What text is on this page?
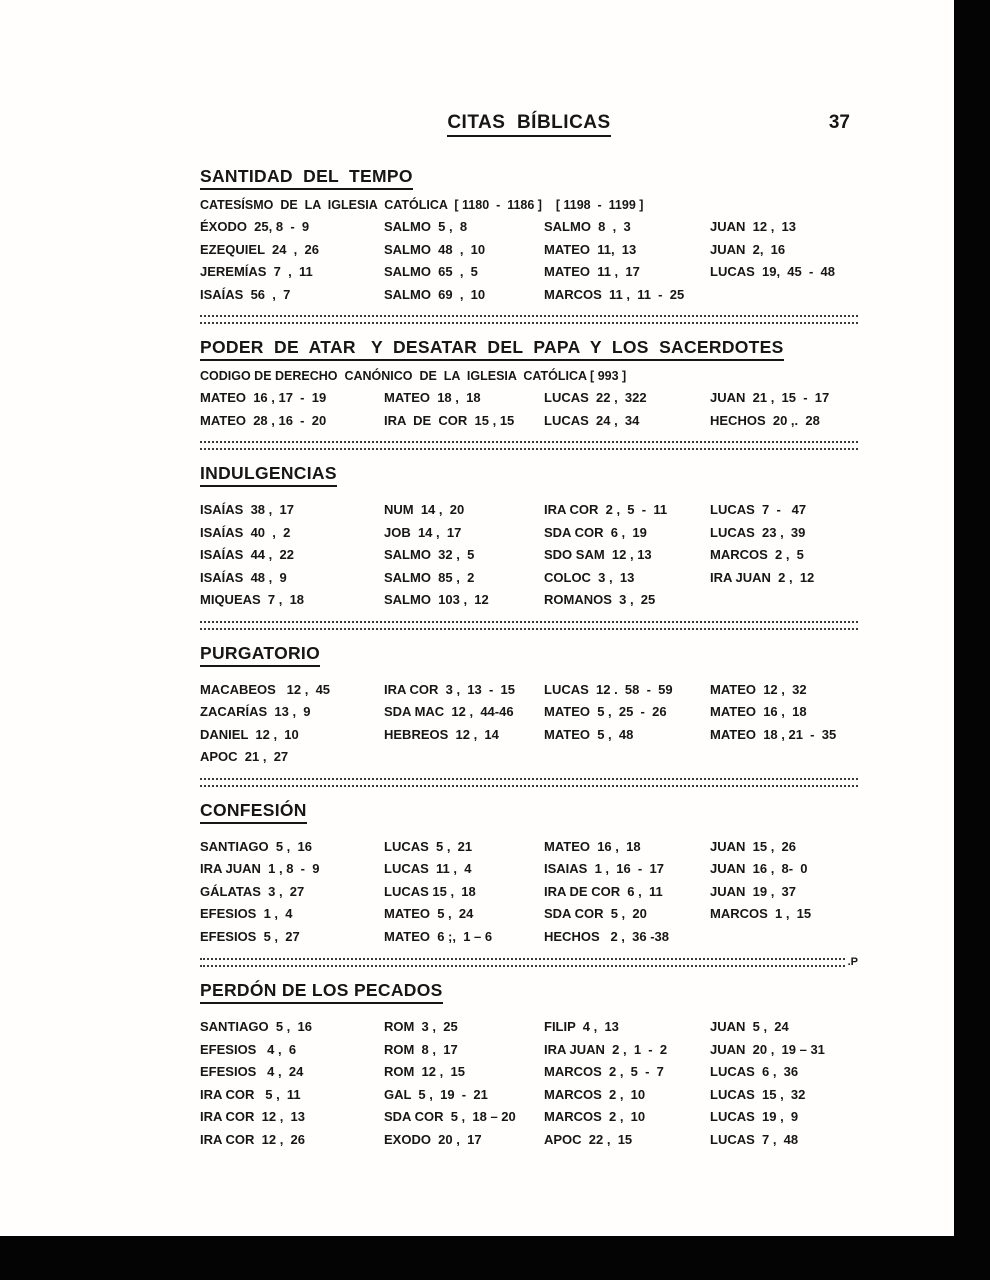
CITAS  BÍBLICAS	37
SANTIDAD  DEL  TEMPO
CATESÍSMO  DE  LA  IGLESIA  CATÓLICA  [ 1180  -  1186 ]    [ 1198  -  1199 ]
ÉXODO  25, 8  -  9	SALMO  5 ,  8	SALMO  8  ,  3	JUAN  12 ,  13
EZEQUIEL  24  ,  26	SALMO  48  ,  10	MATEO  11,  13	JUAN  2,  16
JEREMÍAS  7  ,  11	SALMO  65  ,  5	MATEO  11 ,  17	LUCAS  19,  45  -  48
ISAÍAS  56  ,  7	SALMO  69  ,  10	MARCOS  11 ,  11  -  25
PODER  DE  ATAR   Y  DESATAR  DEL  PAPA  Y  LOS  SACERDOTES
CODIGO DE DERECHO  CANÓNICO  DE  LA  IGLESIA  CATÓLICA [ 993 ]
MATEO  16 , 17  -  19	MATEO  18 ,  18	LUCAS  22 ,  322	JUAN  21 ,  15  -  17
MATEO  28 , 16  -  20	IRA  DE  COR  15 , 15	LUCAS  24 ,  34	HECHOS  20 ,.  28
INDULGENCIAS
ISAÍAS  38 ,  17	NUM  14 ,  20	IRA COR  2 ,  5  -  11	LUCAS  7  -   47
ISAÍAS  40  ,  2	JOB  14 ,  17	SDA COR  6 ,  19	LUCAS  23 ,  39
ISAÍAS  44 ,  22	SALMO  32 ,  5	SDO SAM  12 , 13	MARCOS  2 ,  5
ISAÍAS  48 ,  9	SALMO  85 ,  2	COLOC  3 ,  13	IRA JUAN  2 ,  12
MIQUEAS  7 ,  18	SALMO  103 ,  12	ROMANOS  3 ,  25
PURGATORIO
MACABEOS   12 ,  45	IRA COR  3 ,  13  -  15	LUCAS  12 .  58  -  59	MATEO  12 ,  32
ZACARÍAS  13 ,  9	SDA MAC  12 ,  44-46	MATEO  5 ,  25  -  26	MATEO  16 ,  18
DANIEL  12 ,  10	HEBREOS  12 ,  14	MATEO  5 ,  48	MATEO  18 , 21  -  35
APOC  21 ,  27
CONFESIÓN
SANTIAGO  5 ,  16	LUCAS  5 ,  21	MATEO  16 ,  18	JUAN  15 ,  26
IRA JUAN  1 , 8  -  9	LUCAS  11 ,  4	ISAIAS  1 ,  16  -  17	JUAN  16 ,  8-  0
GÁLATAS  3 ,  27	LUCAS 15 ,  18	IRA DE COR  6 ,  11	JUAN  19 ,  37
EFESIOS  1 ,  4	MATEO  5 ,  24	SDA COR  5 ,  20	MARCOS  1 ,  15
EFESIOS  5 ,  27	MATEO  6 ;,  1 – 6	HECHOS   2 ,  36 -38
.P
PERDÓN DE LOS PECADOS
SANTIAGO  5 ,  16	ROM  3 ,  25	FILIP  4 ,  13	JUAN  5 ,  24
EFESIOS   4 ,  6	ROM  8 ,  17	IRA JUAN  2 ,  1  -  2	JUAN  20 ,  19 – 31
EFESIOS   4 ,  24	ROM  12 ,  15	MARCOS  2 ,  5  -  7	LUCAS  6 ,  36
IRA COR   5 ,  11	GAL  5 ,  19  -  21	MARCOS  2 ,  10	LUCAS  15 ,  32
IRA COR  12 ,  13	SDA COR  5 ,  18 – 20	MARCOS  2 ,  10	LUCAS  19 ,  9
IRA COR  12 ,  26	EXODO  20 ,  17	APOC  22 ,  15	LUCAS  7 ,  48
